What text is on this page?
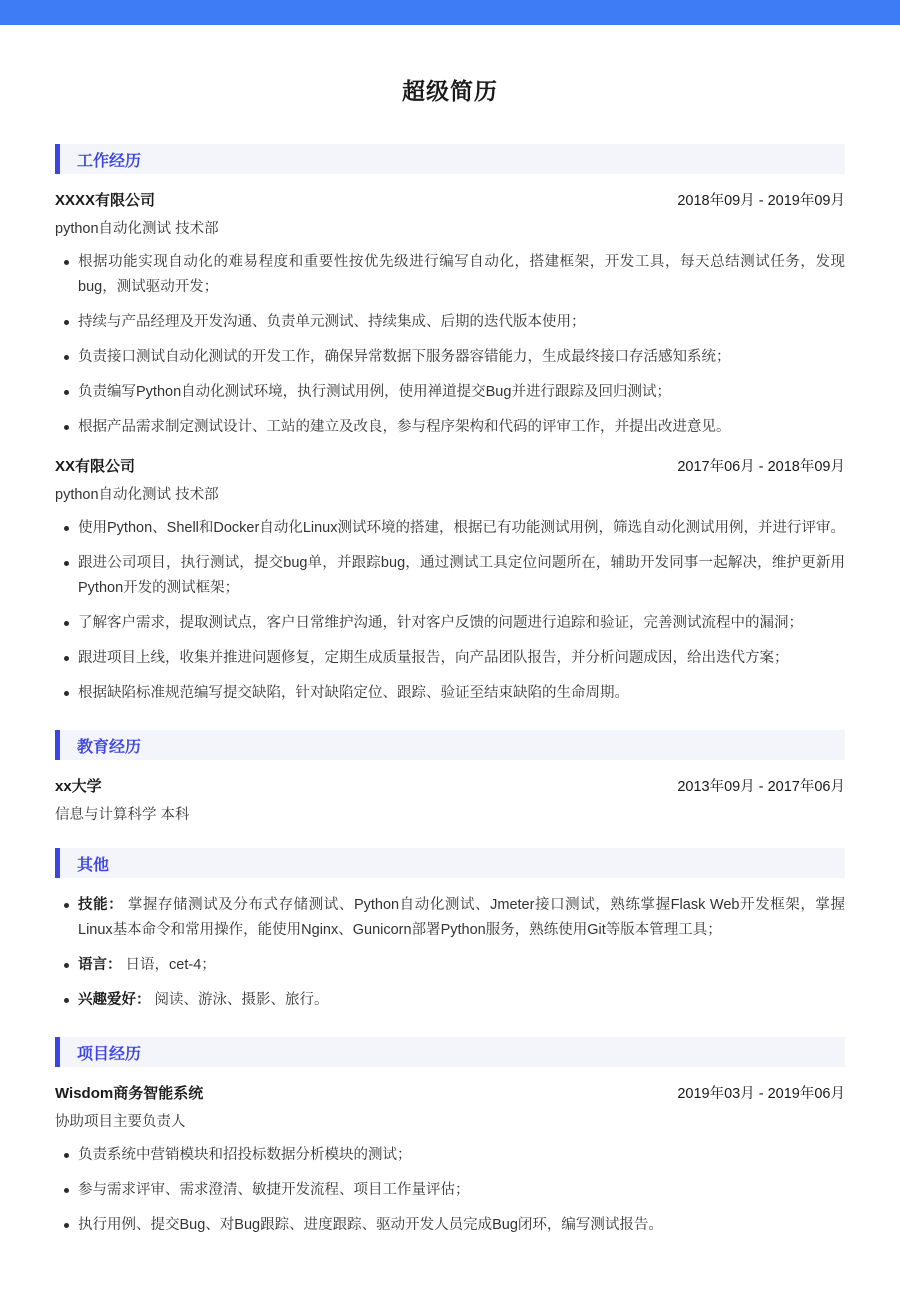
超级简历
工作经历
XXXX有限公司	2018年09月 - 2019年09月
python自动化测试 技术部
根据功能实现自动化的难易程度和重要性按优先级进行编写自动化，搭建框架，开发工具，每天总结测试任务，发现bug，测试驱动开发；
持续与产品经理及开发沟通、负责单元测试、持续集成、后期的迭代版本使用；
负责接口测试自动化测试的开发工作，确保异常数据下服务器容错能力，生成最终接口存活感知系统；
负责编写Python自动化测试环境，执行测试用例，使用禅道提交Bug并进行跟踪及回归测试；
根据产品需求制定测试设计、工站的建立及改良，参与程序架构和代码的评审工作，并提出改进意见。
XX有限公司	2017年06月 - 2018年09月
python自动化测试 技术部
使用Python、Shell和Docker自动化Linux测试环境的搭建，根据已有功能测试用例，筛选自动化测试用例，并进行评审。
跟进公司项目，执行测试，提交bug单，并跟踪bug，通过测试工具定位问题所在，辅助开发同事一起解决，维护更新用Python开发的测试框架；
了解客户需求，提取测试点，客户日常维护沟通，针对客户反馈的问题进行追踪和验证，完善测试流程中的漏洞；
跟进项目上线，收集并推进问题修复，定期生成质量报告，向产品团队报告，并分析问题成因，给出迭代方案；
根据缺陷标准规范编写提交缺陷，针对缺陷定位、跟踪、验证至结束缺陷的生命周期。
教育经历
xx大学	2013年09月 - 2017年06月
信息与计算科学 本科
其他
技能： 掌握存储测试及分布式存储测试、Python自动化测试、Jmeter接口测试，熟练掌握Flask Web开发框架，掌握Linux基本命令和常用操作，能使用Nginx、Gunicorn部署Python服务，熟练使用Git等版本管理工具；
语言： 日语，cet-4；
兴趣爱好： 阅读、游泳、摄影、旅行。
项目经历
Wisdom商务智能系统	2019年03月 - 2019年06月
协助项目主要负责人
负责系统中营销模块和招投标数据分析模块的测试；
参与需求评审、需求澄清、敏捷开发流程、项目工作量评估；
执行用例、提交Bug、对Bug跟踪、进度跟踪、驱动开发人员完成Bug闭环，编写测试报告。
